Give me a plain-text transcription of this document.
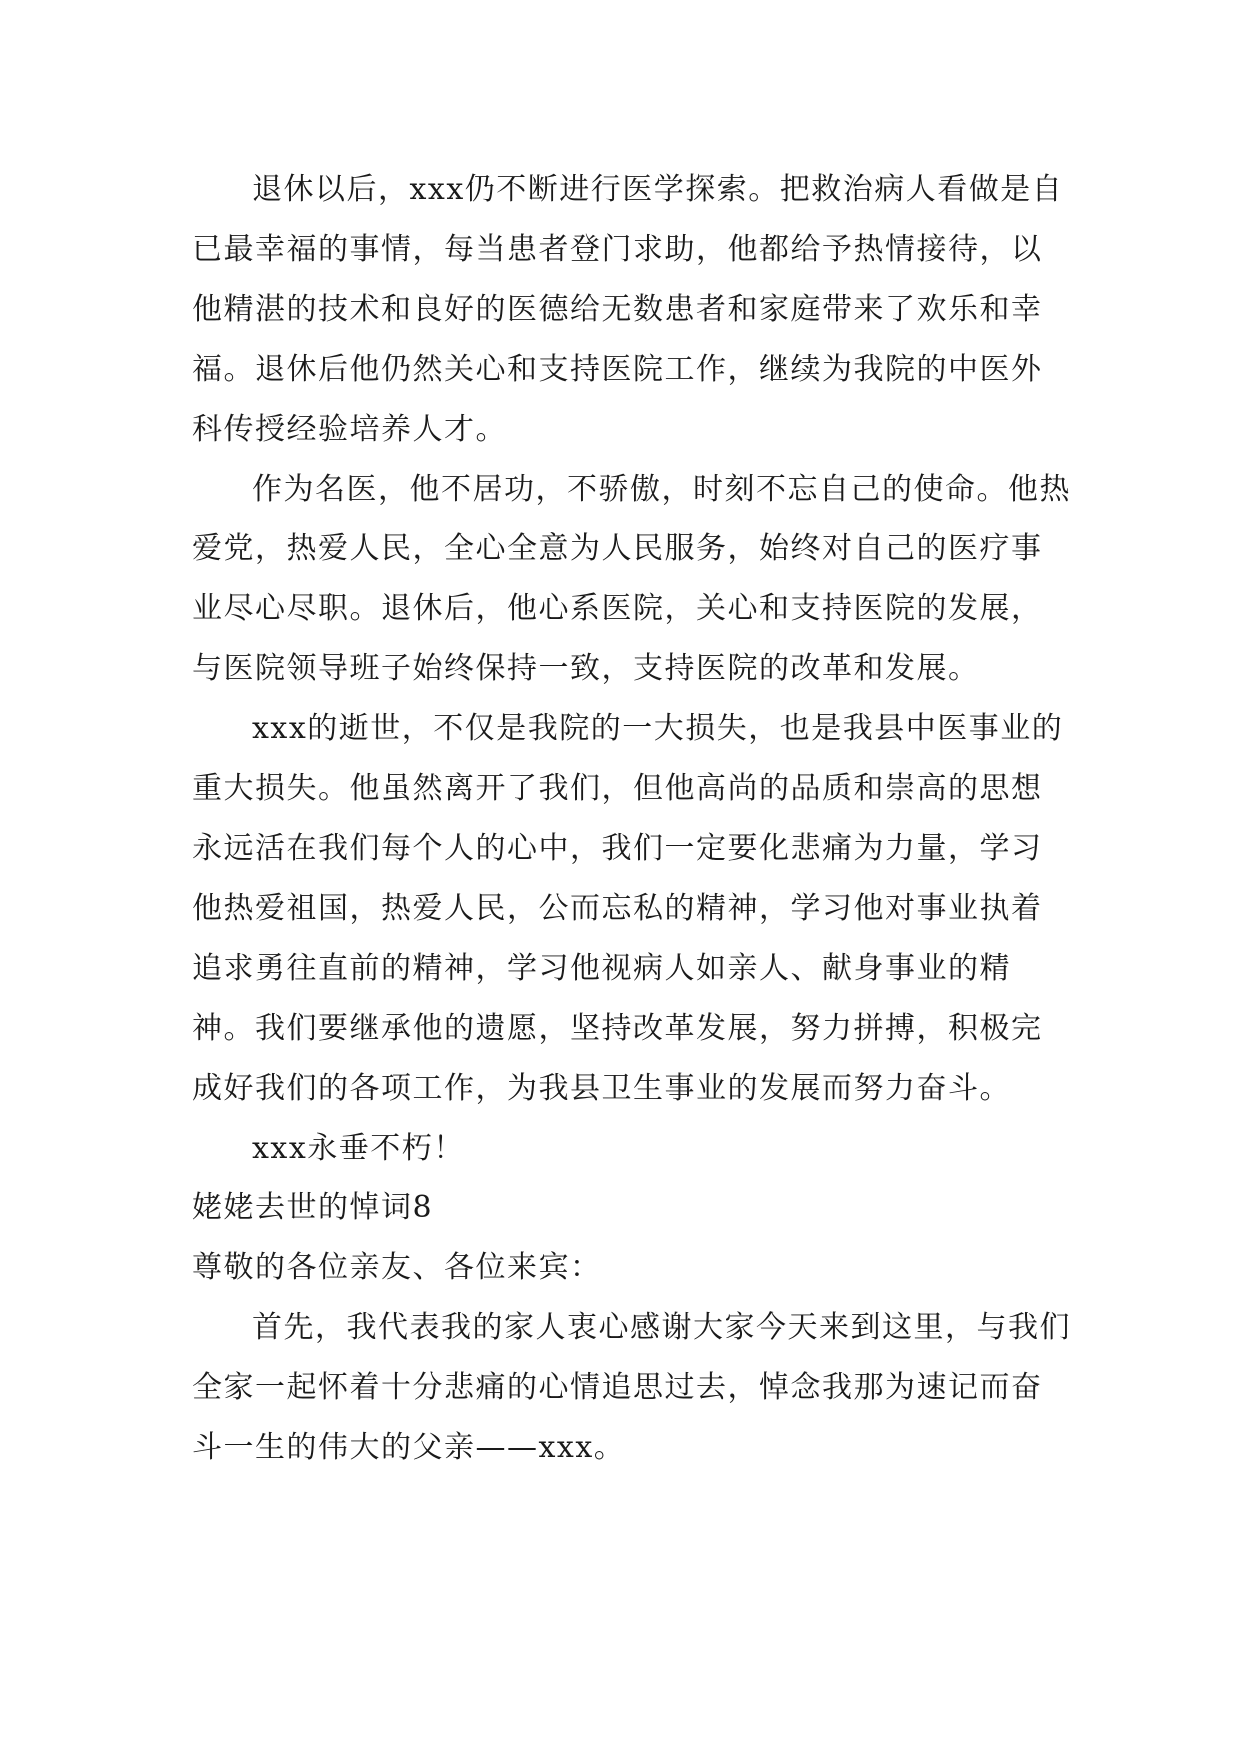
退休以后，xxx仍不断进行医学探索。把救治病人看做是自已最幸福的事情，每当患者登门求助，他都给予热情接待，以他精湛的技术和良好的医德给无数患者和家庭带来了欢乐和幸福。退休后他仍然关心和支持医院工作，继续为我院的中医外科传授经验培养人才。

作为名医，他不居功，不骄傲，时刻不忘自己的使命。他热爱党，热爱人民，全心全意为人民服务，始终对自己的医疗事业尽心尽职。退休后，他心系医院，关心和支持医院的发展，与医院领导班子始终保持一致，支持医院的改革和发展。

xxx的逝世，不仅是我院的一大损失，也是我县中医事业的重大损失。他虽然离开了我们，但他高尚的品质和崇高的思想永远活在我们每个人的心中，我们一定要化悲痛为力量，学习他热爱祖国，热爱人民，公而忘私的精神，学习他对事业执着追求勇往直前的精神，学习他视病人如亲人、献身事业的精神。我们要继承他的遗愿，坚持改革发展，努力拼搏，积极完成好我们的各项工作，为我县卫生事业的发展而努力奋斗。

xxx永垂不朽！

姥姥去世的悼词8

尊敬的各位亲友、各位来宾：

首先，我代表我的家人衷心感谢大家今天来到这里，与我们全家一起怀着十分悲痛的心情追思过去，悼念我那为速记而奋斗一生的伟大的父亲——xxx。
